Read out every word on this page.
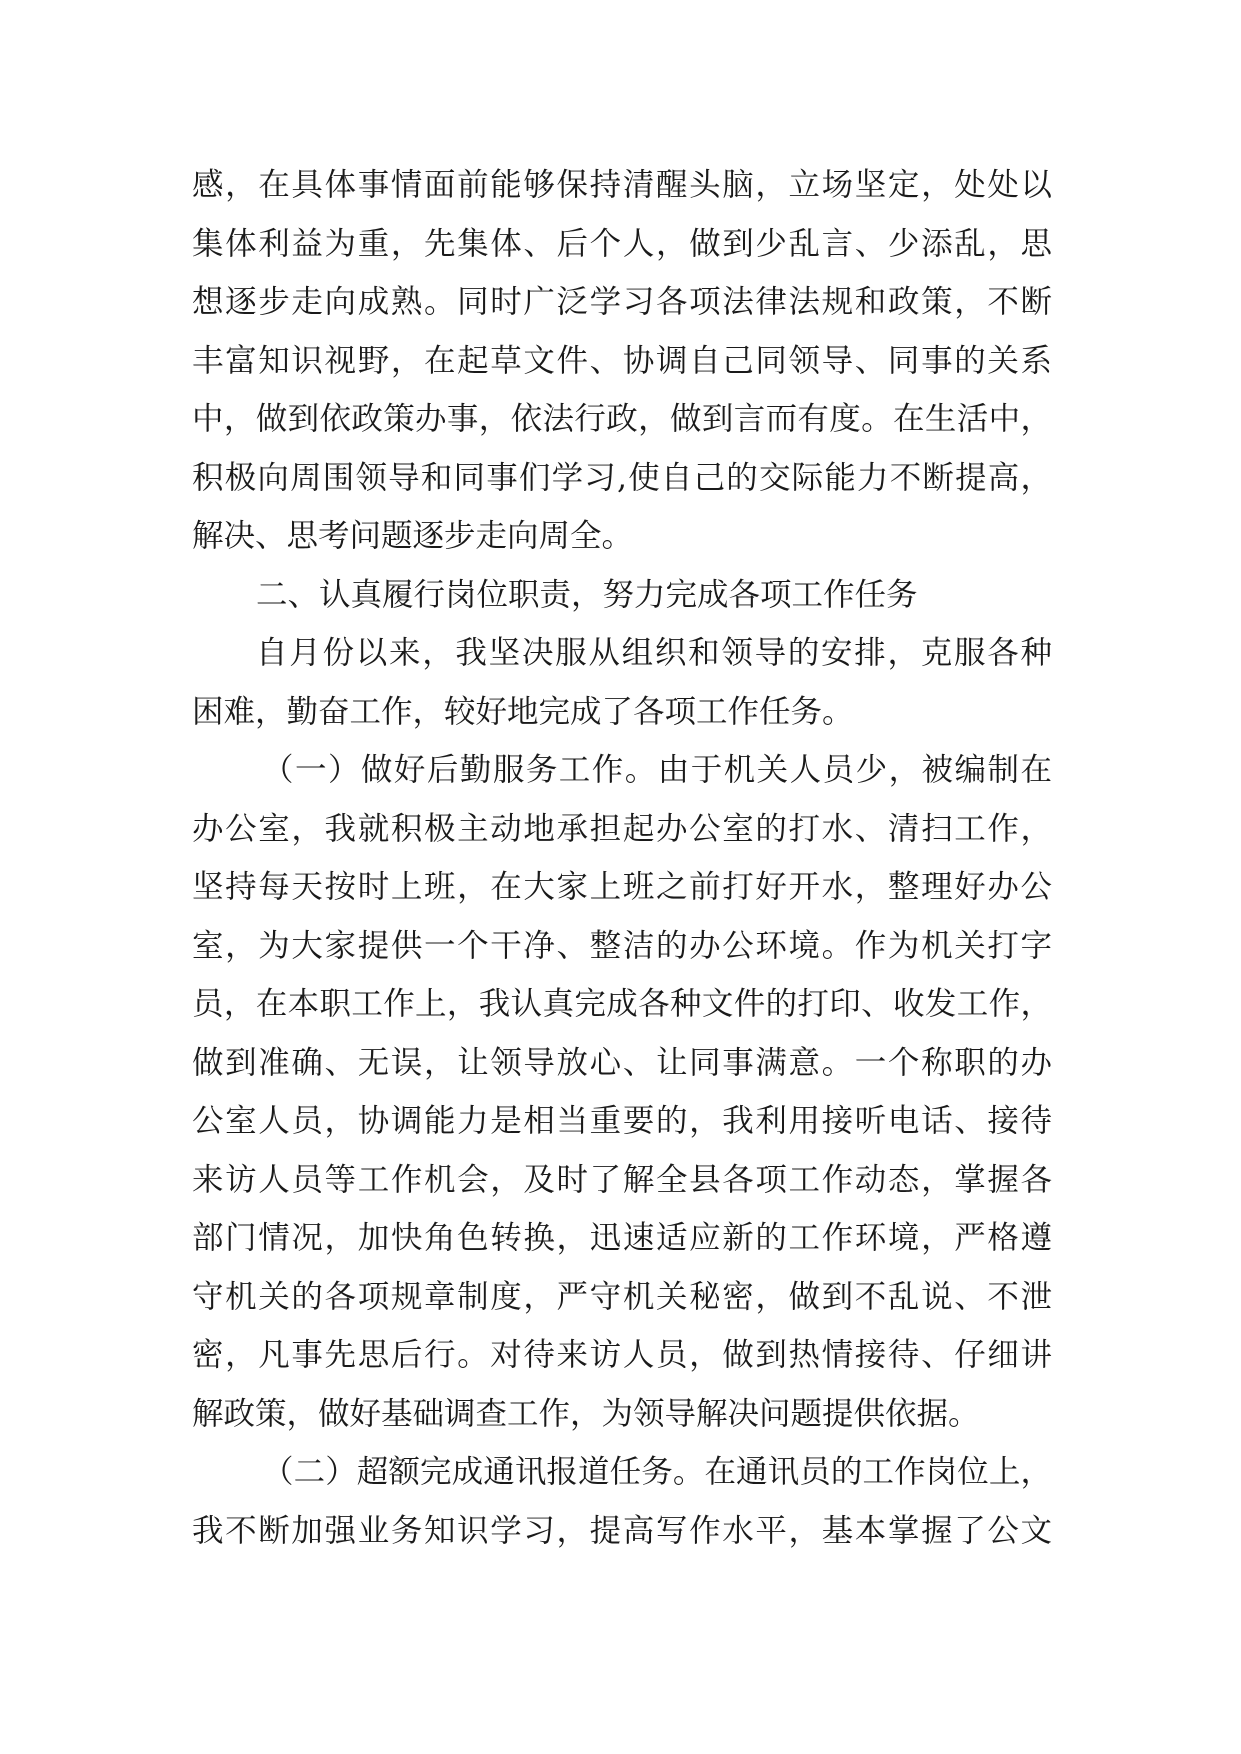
感，在具体事情面前能够保持清醒头脑，立场坚定，处处以
集体利益为重，先集体、后个人，做到少乱言、少添乱，思
想逐步走向成熟。同时广泛学习各项法律法规和政策，不断
丰富知识视野，在起草文件、协调自己同领导、同事的关系
中，做到依政策办事，依法行政，做到言而有度。在生活中，
积极向周围领导和同事们学习,使自己的交际能力不断提高，
解决、思考问题逐步走向周全。
二、认真履行岗位职责，努力完成各项工作任务
自月份以来，我坚决服从组织和领导的安排，克服各种
困难，勤奋工作，较好地完成了各项工作任务。
（一）做好后勤服务工作。由于机关人员少，被编制在
办公室，我就积极主动地承担起办公室的打水、清扫工作，
坚持每天按时上班，在大家上班之前打好开水，整理好办公
室，为大家提供一个干净、整洁的办公环境。作为机关打字
员，在本职工作上，我认真完成各种文件的打印、收发工作，
做到准确、无误，让领导放心、让同事满意。一个称职的办
公室人员，协调能力是相当重要的，我利用接听电话、接待
来访人员等工作机会，及时了解全县各项工作动态，掌握各
部门情况，加快角色转换，迅速适应新的工作环境，严格遵
守机关的各项规章制度，严守机关秘密，做到不乱说、不泄
密，凡事先思后行。对待来访人员，做到热情接待、仔细讲
解政策，做好基础调查工作，为领导解决问题提供依据。
（二）超额完成通讯报道任务。在通讯员的工作岗位上，
我不断加强业务知识学习，提高写作水平，基本掌握了公文
